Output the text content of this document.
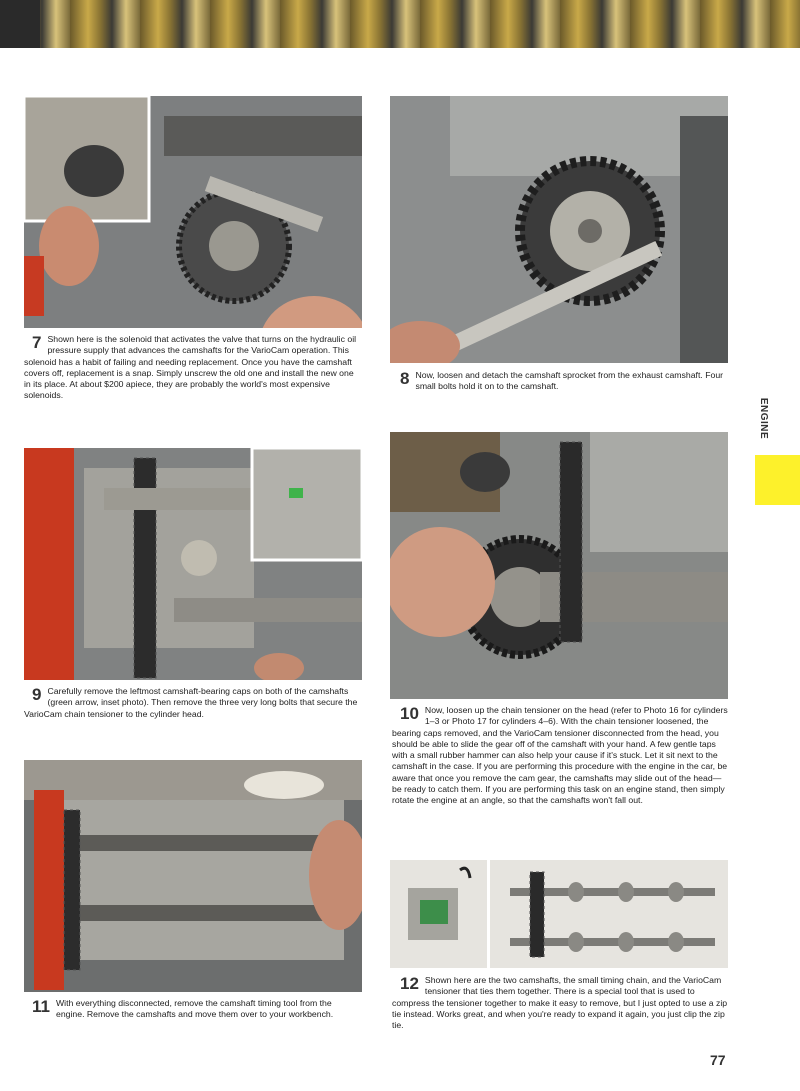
7 Shown here is the solenoid that activates the valve that turns on the hydraulic oil pressure supply that advances the camshafts for the VarioCam operation. This solenoid has a habit of failing and needing replacement. Once you have the camshaft covers off, replacement is a snap. Simply unscrew the old one and install the new one in its place. At about $200 apiece, they are probably the world's most expensive solenoids.
8 Now, loosen and detach the camshaft sprocket from the exhaust camshaft. Four small bolts hold it on to the camshaft.
ENGINE
9 Carefully remove the leftmost camshaft-bearing caps on both of the camshafts (green arrow, inset photo). Then remove the three very long bolts that secure the VarioCam chain tensioner to the cylinder head.	10 Now, loosen up the chain tensioner on the head (refer to Photo 16 for cylinders 1–3 or Photo 17 for cylinders 4–6). With the chain tensioner loosened, the bearing caps removed, and the VarioCam tensioner disconnected from the head, you should be able to slide the gear off of the camshaft with your hand. A few gentle taps with a small rubber hammer can also help your cause if it's stuck. Let it sit next to the camshaft in the case. If you are performing this procedure with the engine in the car, be aware that once you remove the cam gear, the camshafts may slide out of the head—be ready to catch them. If you are performing this task on an engine stand, then simply rotate the engine at an angle, so that the camshafts won't fall out.
11 With everything disconnected, remove the camshaft timing tool from the engine. Remove the camshafts and move them over to your workbench.
12 Shown here are the two camshafts, the small timing chain, and the VarioCam tensioner that ties them together. There is a special tool that is used to compress the tensioner together to make it easy to remove, but I just opted to use a zip tie instead. Works great, and when you're ready to expand it again, you just clip the zip tie.
77
